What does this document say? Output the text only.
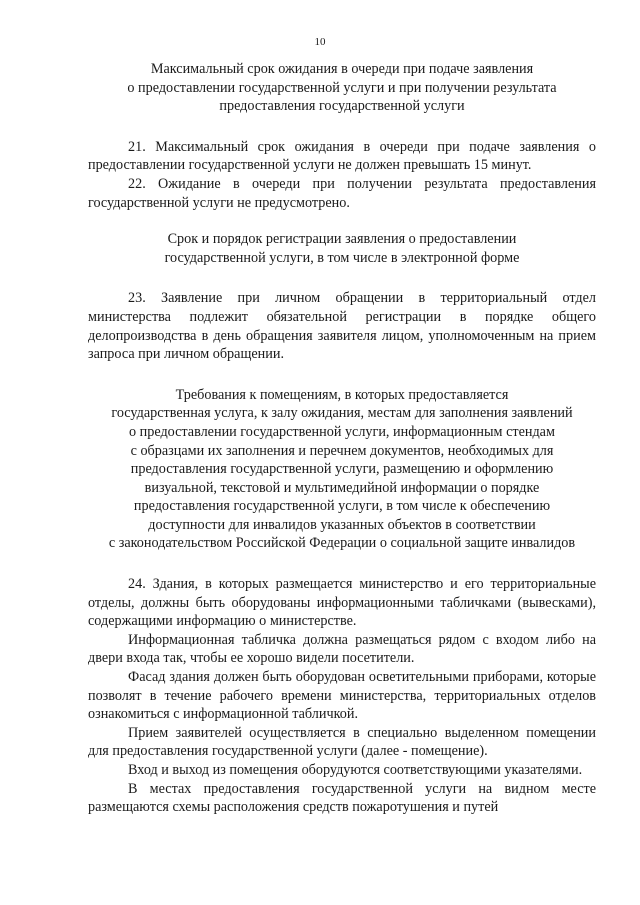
10
Максимальный срок ожидания в очереди при подаче заявления
о предоставлении государственной услуги и при получении результата
предоставления государственной услуги

21. Максимальный срок ожидания в очереди при подаче заявления о предоставлении государственной услуги не должен превышать 15 минут.

22. Ожидание в очереди при получении результата предоставления государственной услуги не предусмотрено.

Срок и порядок регистрации заявления о предоставлении
государственной услуги, в том числе в электронной форме

23. Заявление при личном обращении в территориальный отдел министерства подлежит обязательной регистрации в порядке общего делопроизводства в день обращения заявителя лицом, уполномоченным на прием запроса при личном обращении.

Требования к помещениям, в которых предоставляется
государственная услуга, к залу ожидания, местам для заполнения заявлений
о предоставлении государственной услуги, информационным стендам
с образцами их заполнения и перечнем документов, необходимых для
предоставления государственной услуги, размещению и оформлению
визуальной, текстовой и мультимедийной информации о порядке
предоставления государственной услуги, в том числе к обеспечению
доступности для инвалидов указанных объектов в соответствии
с законодательством Российской Федерации о социальной защите инвалидов

24. Здания, в которых размещается министерство и его территориальные отделы, должны быть оборудованы информационными табличками (вывесками), содержащими информацию о министерстве.

Информационная табличка должна размещаться рядом с входом либо на двери входа так, чтобы ее хорошо видели посетители.

Фасад здания должен быть оборудован осветительными приборами, которые позволят в течение рабочего времени министерства, территориальных отделов ознакомиться с информационной табличкой.

Прием заявителей осуществляется в специально выделенном помещении для предоставления государственной услуги (далее - помещение).

Вход и выход из помещения оборудуются соответствующими указателями.

В местах предоставления государственной услуги на видном месте размещаются схемы расположения средств пожаротушения и путей
